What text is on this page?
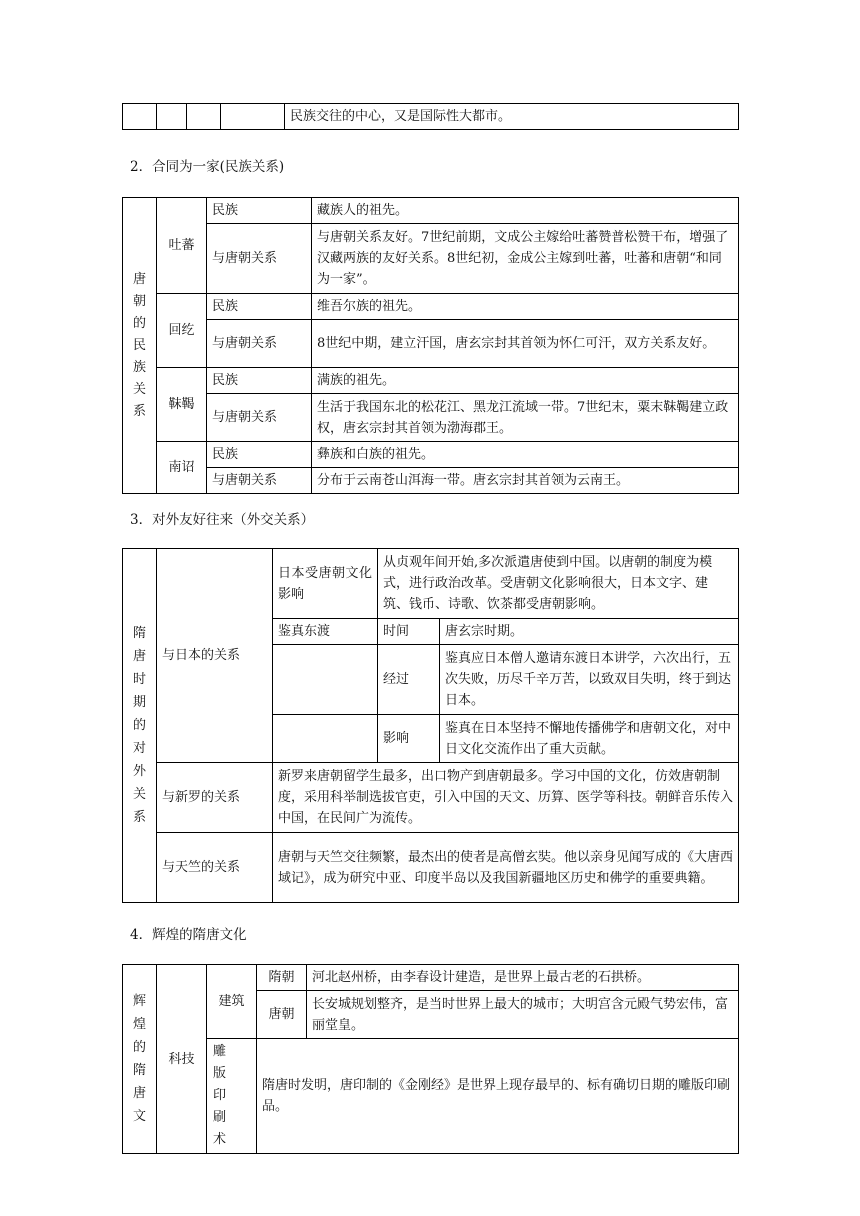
				民族交往的中心，又是国际性大都市。
2．合同为一家(民族关系)
唐朝的民族关系	吐蕃	民族	藏族人的祖先。
		与唐朝关系	与唐朝关系友好。7世纪前期，文成公主嫁给吐蕃赞普松赞干布，增强了汉藏两族的友好关系。8世纪初，金成公主嫁到吐蕃，吐蕃和唐朝“和同为一家”。
	回纥	民族	维吾尔族的祖先。
		与唐朝关系	8世纪中期，建立汗国，唐玄宗封其首领为怀仁可汗，双方关系友好。
	靺鞨	民族	满族的祖先。
		与唐朝关系	生活于我国东北的松花江、黑龙江流域一带。7世纪末，粟末靺鞨建立政权，唐玄宗封其首领为渤海郡王。
	南诏	民族	彝族和白族的祖先。
		与唐朝关系	分布于云南苍山洱海一带。唐玄宗封其首领为云南王。
3．对外友好往来（外交关系）
隋唐时期的对外关系	与日本的关系	日本受唐朝文化影响	从贞观年间开始,多次派遣唐使到中国。以唐朝的制度为模式，进行政治改革。受唐朝文化影响很大，日本文字、建筑、钱币、诗歌、饮茶都受唐朝影响。	
		鉴真东渡	时间	唐玄宗时期。
			经过	鉴真应日本僧人邀请东渡日本讲学，六次出行，五次失败，历尽千辛万苦，以致双目失明，终于到达日本。
			影响	鉴真在日本坚持不懈地传播佛学和唐朝文化，对中日文化交流作出了重大贡献。
	与新罗的关系	新罗来唐朝留学生最多，出口物产到唐朝最多。学习中国的文化，仿效唐朝制度，采用科举制选拔官吏，引入中国的天文、历算、医学等科技。朝鲜音乐传入中国，在民间广为流传。		
	与天竺的关系	唐朝与天竺交往频繁，最杰出的使者是高僧玄奘。他以亲身见闻写成的《大唐西域记》，成为研究中亚、印度半岛以及我国新疆地区历史和佛学的重要典籍。		
4．辉煌的隋唐文化
辉煌的隋唐文	科技	建筑	隋朝	河北赵州桥，由李春设计建造，是世界上最古老的石拱桥。
			唐朝	长安城规划整齐，是当时世界上最大的城市；大明宫含元殿气势宏伟，富丽堂皇。

		雕版印刷术	隋唐时发明，唐印制的《金刚经》是世界上现存最早的、标有确切日期的雕版印刷品。	
